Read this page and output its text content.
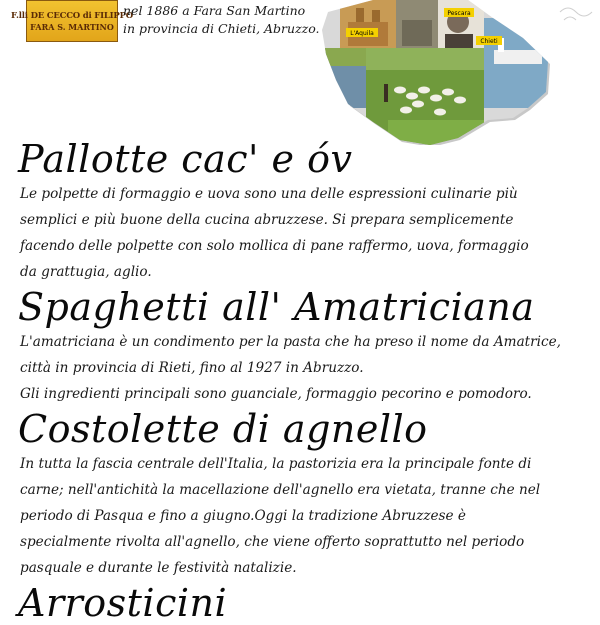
F.lli DE CECCO di FILIPPO
FARA S. MARTINO

nel 1886 a Fara San Martino

in provincia di Chieti, Abruzzo.	L'Aquila
Pescara
Chieti
Pallotte cac' e óv

Le polpette di formaggio e uova sono una delle espressioni culinarie più
semplici e più buone della cucina abruzzese. Si prepara semplicemente
facendo delle polpette con solo mollica di pane raffermo, uova, formaggio
da grattugia, aglio.

Spaghetti all' Amatriciana

L'amatriciana è un condimento per la pasta che ha preso il nome da Amatrice,
città in provincia di Rieti, fino al 1927 in Abruzzo.
Gli ingredienti principali sono guanciale, formaggio pecorino e pomodoro.

Costolette di agnello

In tutta la fascia centrale dell'Italia, la pastorizia era la principale fonte di
carne; nell'antichità la macellazione dell'agnello era vietata, tranne che nel
periodo di Pasqua e fino a giugno.Oggi la tradizione Abruzzese è
specialmente rivolta all'agnello, che viene offerto soprattutto nel periodo
pasquale e durante le festività natalizie.

Arrosticini
